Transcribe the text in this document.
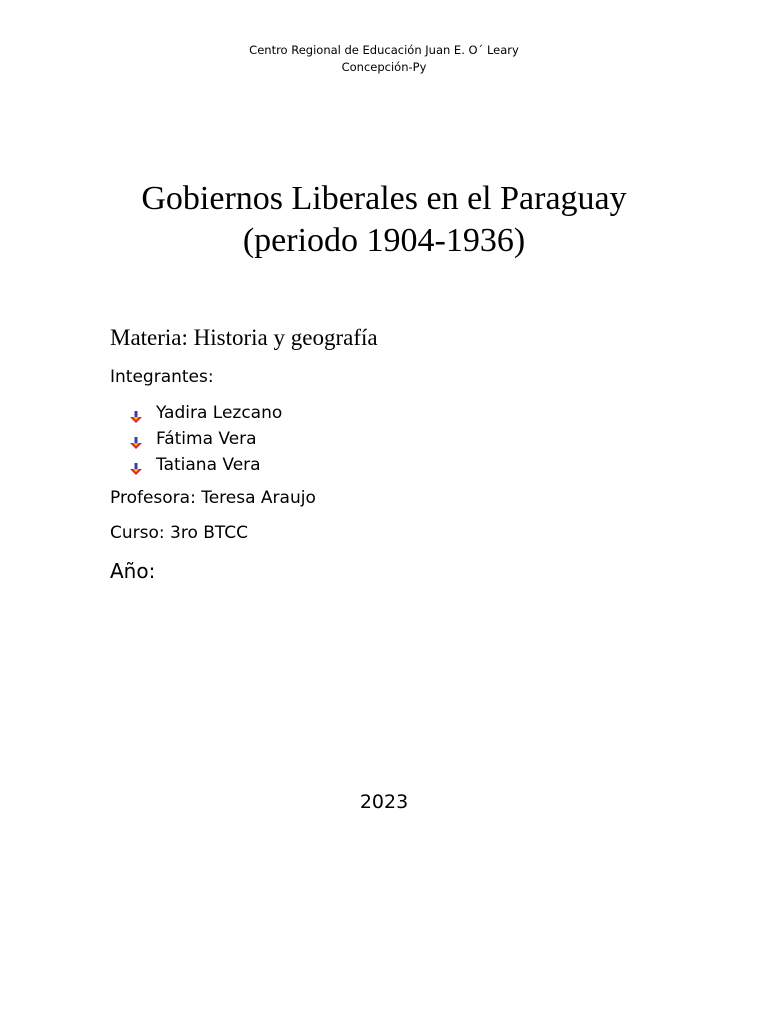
Centro Regional de Educación Juan E. O´ Leary
Concepción-Py
Gobiernos Liberales en el Paraguay
(periodo 1904-1936)
Materia: Historia y geografía
Integrantes:
Yadira Lezcano
Fátima Vera
Tatiana Vera
Profesora: Teresa Araujo
Curso: 3ro BTCC
Año:
2023
